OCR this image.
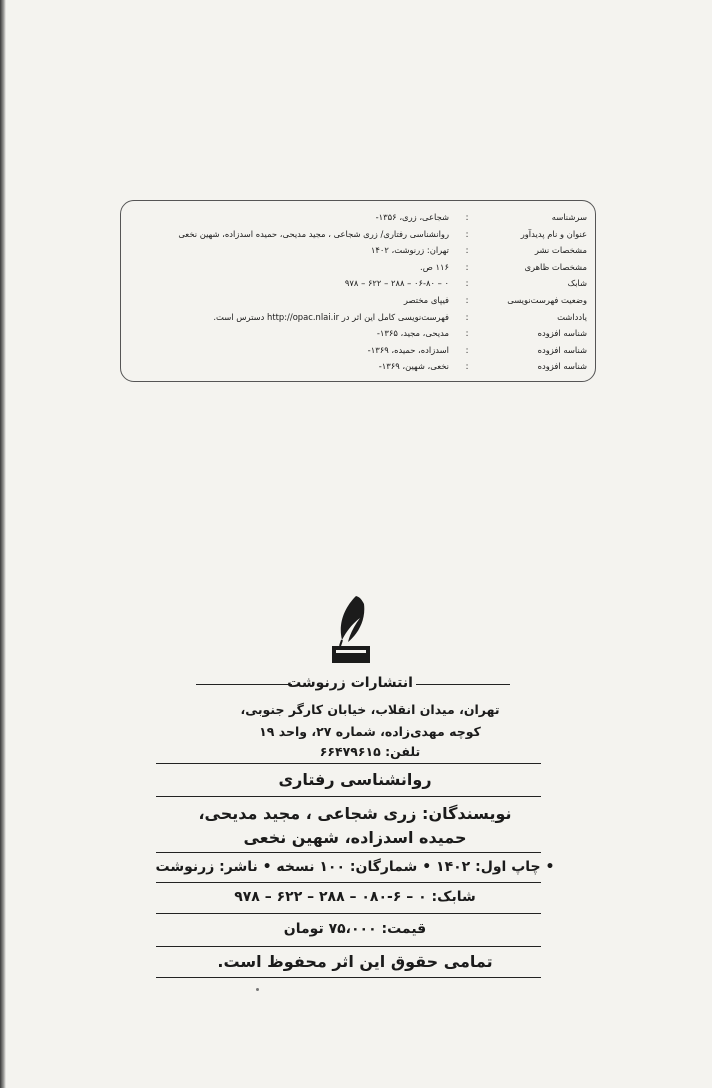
سرشناسه
:
شجاعی، زری، ۱۳۵۶-
عنوان و نام پدیدآور
:
روانشناسی رفتاری/ زری شجاعی ، مجید مدیحی، حمیده اسدزاده، شهین نخعی
مشخصات نشر
:
تهران: زرنوشت، ۱۴۰۲
مشخصات ظاهری
:
۱۱۶ ص.
شابک
:
۰ – ۰۶-۸۰ – ۲۸۸ – ۶۲۲ – ۹۷۸
وضعیت فهرست‌نویسی
:
فیپای مختصر
یادداشت
:
فهرست‌نویسی کامل این اثر در http://opac.nlai.ir دسترس است.
شناسه افزوده
:
مدیحی، مجید، ۱۳۶۵-
شناسه افزوده
:
اسدزاده، حمیده، ۱۳۶۹-
شناسه افزوده
:
نخعی، شهین، ۱۳۶۹-
انتشارات زرنوشت
تهران، میدان انقلاب، خیابان کارگر جنوبی،
کوچه مهدی‌زاده، شماره ۲۷، واحد ۱۹
تلفن: ۶۶۴۷۹۶۱۵
روانشناسی رفتاری
نویسندگان: زری شجاعی ، مجید مدیحی،
حمیده اسدزاده، شهین نخعی
• چاپ اول: ۱۴۰۲ • شمارگان: ۱۰۰ نسخه • ناشر: زرنوشت
شابک: ۰ – ۶-۰۸۰ – ۲۸۸ – ۶۲۲ – ۹۷۸
قیمت: ۷۵،۰۰۰ تومان
تمامی حقوق این اثر محفوظ است.
